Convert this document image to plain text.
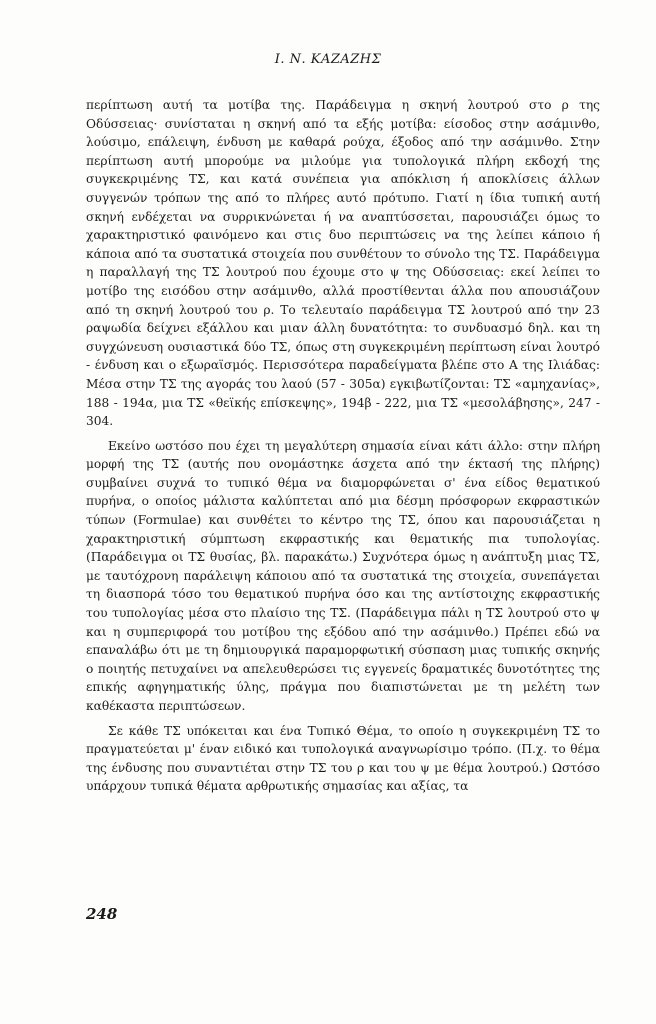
Ι. Ν. ΚΑΖΑΖΗΣ

περίπτωση αυτή τα μοτίβα της. Παράδειγμα η σκηνή λουτρού στο ρ της Οδύσσειας· συνίσταται η σκηνή από τα εξής μοτίβα: είσοδος στην ασάμινθο, λούσιμο, επάλειψη, ένδυση με καθαρά ρούχα, έξοδος από την ασάμινθο. Στην περίπτωση αυτή μπορούμε να μιλούμε για τυπολογικά πλήρη εκδοχή της συγκεκριμένης ΤΣ, και κατά συνέπεια για απόκλιση ή αποκλίσεις άλλων συγγενών τρόπων της από το πλήρες αυτό πρότυπο. Γιατί η ίδια τυπική αυτή σκηνή ενδέχεται να συρρικνώνεται ή να αναπτύσσεται, παρουσιάζει όμως το χαρακτηριστικό φαινόμενο και στις δυο περιπτώσεις να της λείπει κάποιο ή κάποια από τα συστατικά στοιχεία που συνθέτουν το σύνολο της ΤΣ. Παράδειγμα η παραλλαγή της ΤΣ λουτρού που έχουμε στο ψ της Οδύσσειας: εκεί λείπει το μοτίβο της εισόδου στην ασάμινθο, αλλά προστίθενται άλλα που απουσιάζουν από τη σκηνή λουτρού του ρ. Το τελευταίο παράδειγμα ΤΣ λουτρού από την 23 ραψωδία δείχνει εξάλλου και μιαν άλλη δυνατότητα: το συνδυασμό δηλ. και τη συγχώνευση ουσιαστικά δύο ΤΣ, όπως στη συγκεκριμένη περίπτωση είναι λουτρό - ένδυση και ο εξωραϊσμός. Περισσότερα παραδείγματα βλέπε στο Α της Ιλιάδας: Μέσα στην ΤΣ της αγοράς του λαού (57 - 305α) εγκιβωτίζονται: ΤΣ «αμηχανίας», 188 - 194α, μια ΤΣ «θεϊκής επίσκεψης», 194β - 222, μια ΤΣ «μεσολάβησης», 247 - 304.

Εκείνο ωστόσο που έχει τη μεγαλύτερη σημασία είναι κάτι άλλο: στην πλήρη μορφή της ΤΣ (αυτής που ονομάστηκε άσχετα από την έκτασή της πλήρης) συμβαίνει συχνά το τυπικό θέμα να διαμορφώνεται σ' ένα είδος θεματικού πυρήνα, ο οποίος μάλιστα καλύπτεται από μια δέσμη πρόσφορων εκφραστικών τύπων (Formulae) και συνθέτει το κέντρο της ΤΣ, όπου και παρουσιάζεται η χαρακτηριστική σύμπτωση εκφραστικής και θεματικής πια τυπολογίας. (Παράδειγμα οι ΤΣ θυσίας, βλ. παρακάτω.) Συχνότερα όμως η ανάπτυξη μιας ΤΣ, με ταυτόχρονη παράλειψη κάποιου από τα συστατικά της στοιχεία, συνεπάγεται τη διασπορά τόσο του θεματικού πυρήνα όσο και της αντίστοιχης εκφραστικής του τυπολογίας μέσα στο πλαίσιο της ΤΣ. (Παράδειγμα πάλι η ΤΣ λουτρού στο ψ και η συμπεριφορά του μοτίβου της εξόδου από την ασάμινθο.) Πρέπει εδώ να επαναλάβω ότι με τη δημιουργικά παραμορφωτική σύσπαση μιας τυπικής σκηνής ο ποιητής πετυχαίνει να απελευθερώσει τις εγγενείς δραματικές δυνοτότητες της επικής αφηγηματικής ύλης, πράγμα που διαπιστώνεται με τη μελέτη των καθέκαστα περιπτώσεων.

Σε κάθε ΤΣ υπόκειται και ένα Τυπικό Θέμα, το οποίο η συγκεκριμένη ΤΣ το πραγματεύεται μ' έναν ειδικό και τυπολογικά αναγνωρίσιμο τρόπο. (Π.χ. το θέμα της ένδυσης που συναντιέται στην ΤΣ του ρ και του ψ με θέμα λουτρού.) Ωστόσο υπάρχουν τυπικά θέματα αρθρωτικής σημασίας και αξίας, τα

248
